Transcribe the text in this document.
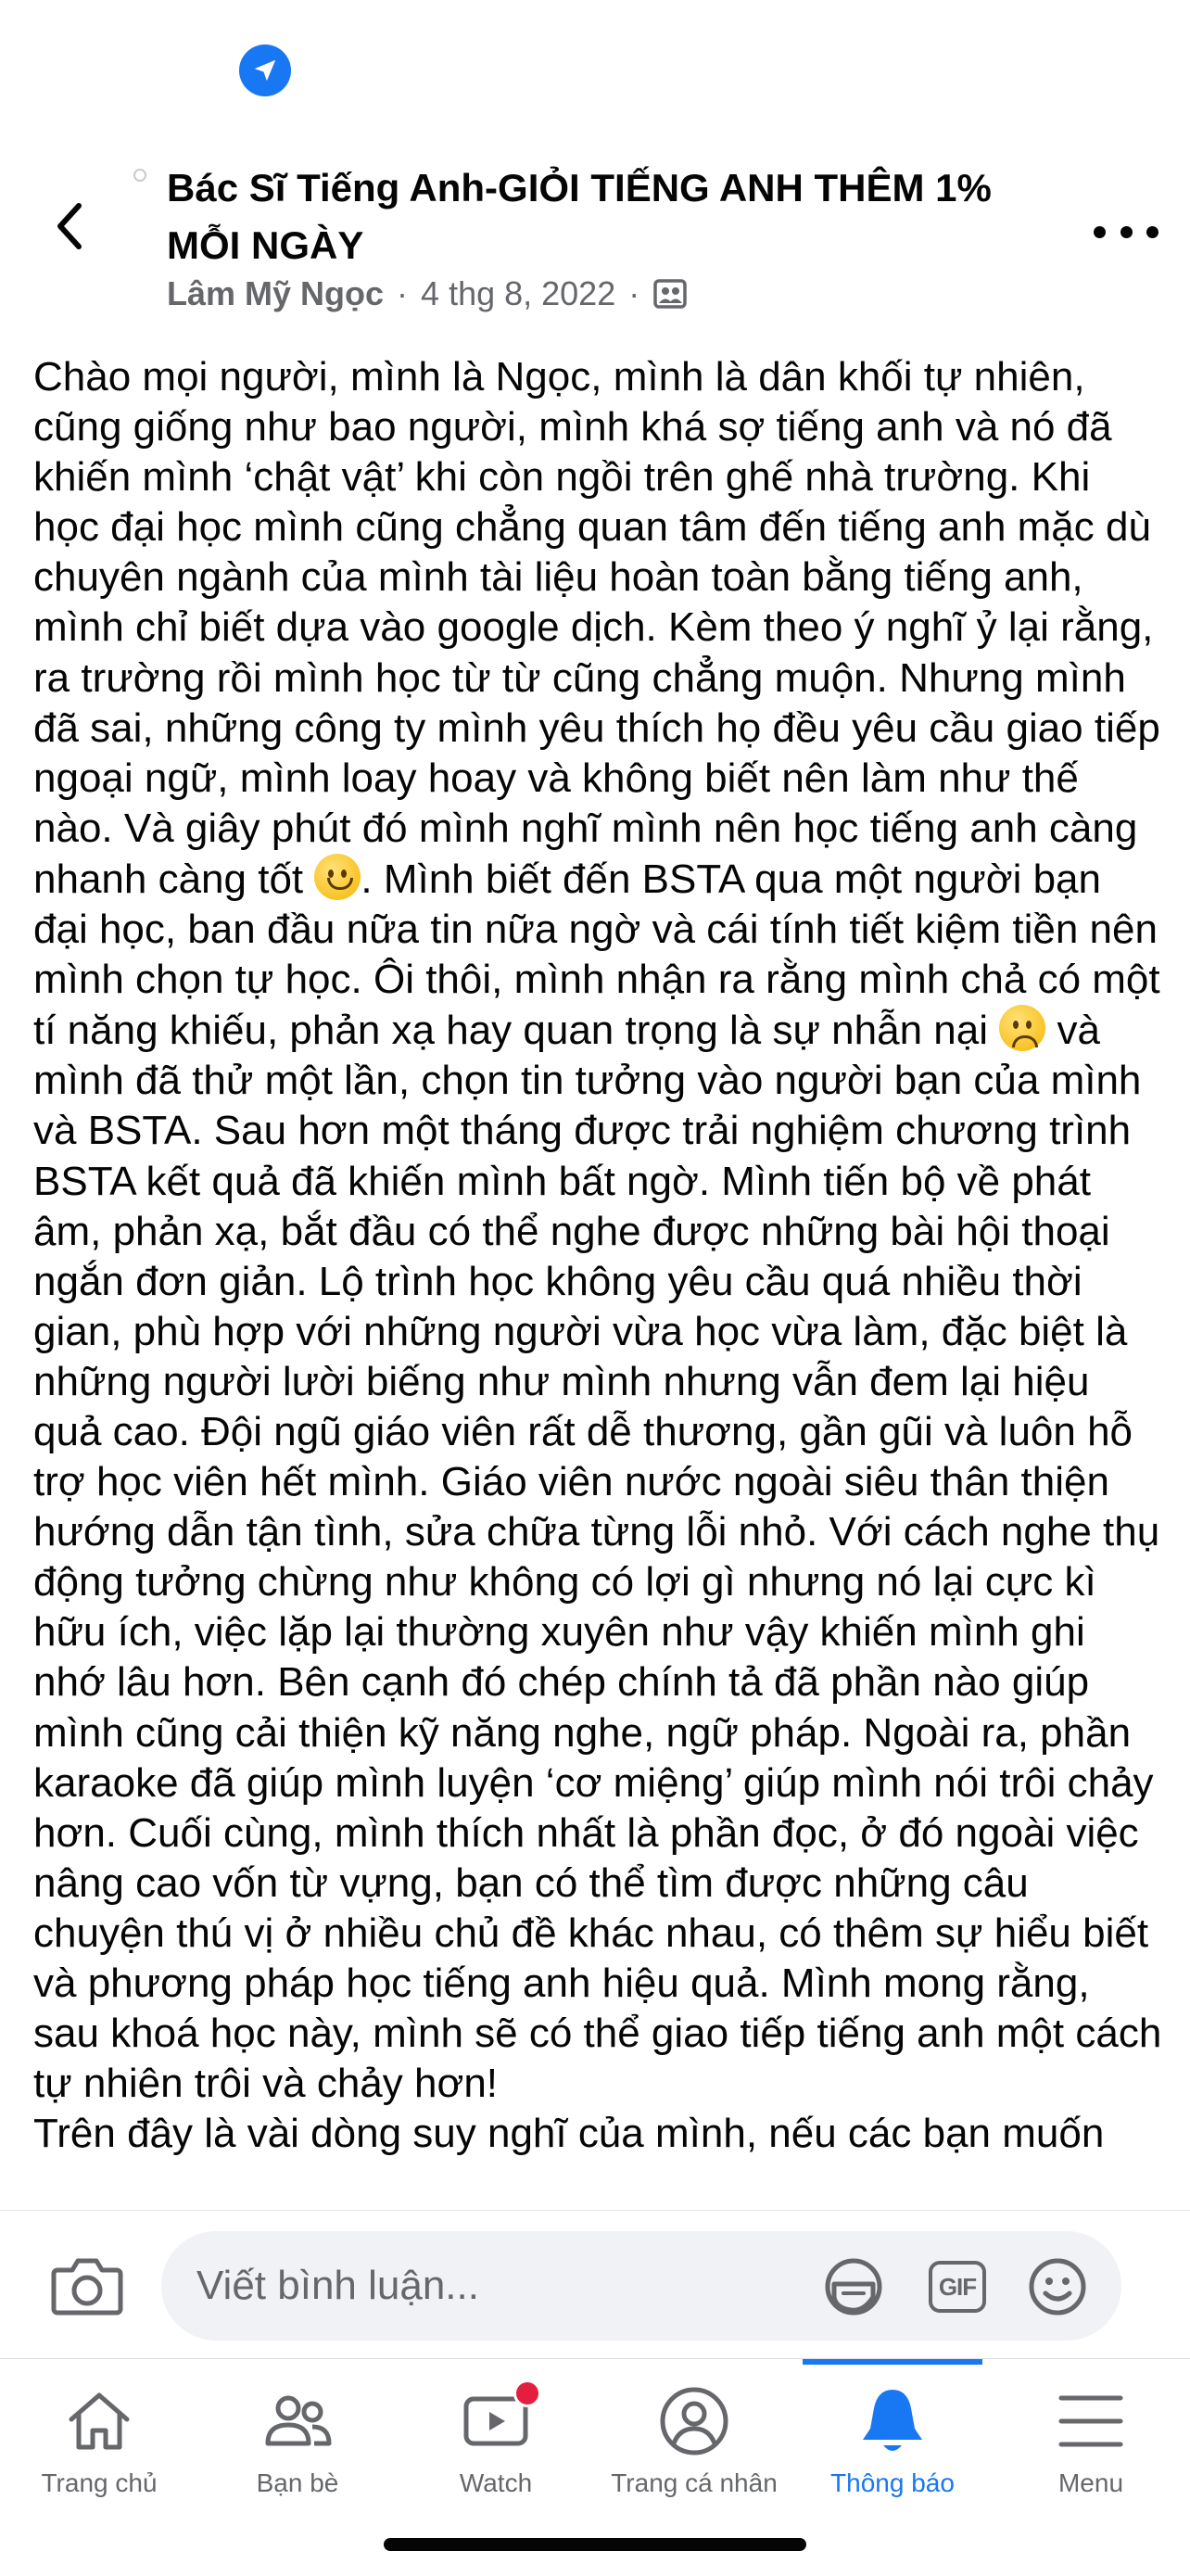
Bác Sĩ Tiếng Anh-GIỎI TIẾNG ANH THÊM 1% MỖI NGÀY
Lâm Mỹ Ngọc · 4 thg 8, 2022 ·

Chào mọi người, mình là Ngọc, mình là dân khối tự nhiên, cũng giống như bao người, mình khá sợ tiếng anh và nó đã khiến mình ‘chật vật’ khi còn ngồi trên ghế nhà trường. Khi học đại học mình cũng chẳng quan tâm đến tiếng anh mặc dù chuyên ngành của mình tài liệu hoàn toàn bằng tiếng anh, mình chỉ biết dựa vào google dịch. Kèm theo ý nghĩ ỷ lại rằng, ra trường rồi mình học từ từ cũng chẳng muộn. Nhưng mình đã sai, những công ty mình yêu thích họ đều yêu cầu giao tiếp ngoại ngữ, mình loay hoay và không biết nên làm như thế nào. Và giây phút đó mình nghĩ mình nên học tiếng anh càng nhanh càng tốt . Mình biết đến BSTA qua một người bạn đại học, ban đầu nữa tin nữa ngờ và cái tính tiết kiệm tiền nên mình chọn tự học. Ôi thôi, mình nhận ra rằng mình chả có một tí năng khiếu, phản xạ hay quan trọng là sự nhẫn nại
và mình đã thử một lần, chọn tin tưởng vào người bạn của mình và BSTA. Sau hơn một tháng được trải nghiệm chương trình BSTA kết quả đã khiến mình bất ngờ. Mình tiến bộ về phát âm, phản xạ, bắt đầu có thể nghe được những bài hội thoại ngắn đơn giản. Lộ trình học không yêu cầu quá nhiều thời gian, phù hợp với những người vừa học vừa làm, đặc biệt là những người lười biếng như mình nhưng vẫn đem lại hiệu quả cao. Đội ngũ giáo viên rất dễ thương, gần gũi và luôn hỗ trợ học viên hết mình. Giáo viên nước ngoài siêu thân thiện hướng dẫn tận tình, sửa chữa từng lỗi nhỏ. Với cách nghe thụ động tưởng chừng như không có lợi gì nhưng nó lại cực kì hữu ích, việc lặp lại thường xuyên như vậy khiến mình ghi nhớ lâu hơn. Bên cạnh đó chép chính tả đã phần nào giúp mình cũng cải thiện kỹ năng nghe, ngữ pháp. Ngoài ra, phần karaoke đã giúp mình luyện ‘cơ miệng’ giúp mình nói trôi chảy hơn. Cuối cùng, mình thích nhất là phần đọc, ở đó ngoài việc nâng cao vốn từ vựng, bạn có thể tìm được những câu chuyện thú vị ở nhiều chủ đề khác nhau, có thêm sự hiểu biết và phương pháp học tiếng anh hiệu quả. Mình mong rằng, sau khoá học này, mình sẽ có thể giao tiếp tiếng anh một cách tự nhiên trôi và chảy hơn!

Trên đây là vài dòng suy nghĩ của mình, nếu các bạn muốn

Viết bình luận...
GIF
Trang chủ	Bạn bè	Watch	Trang cá nhân	Thông báo	Menu
